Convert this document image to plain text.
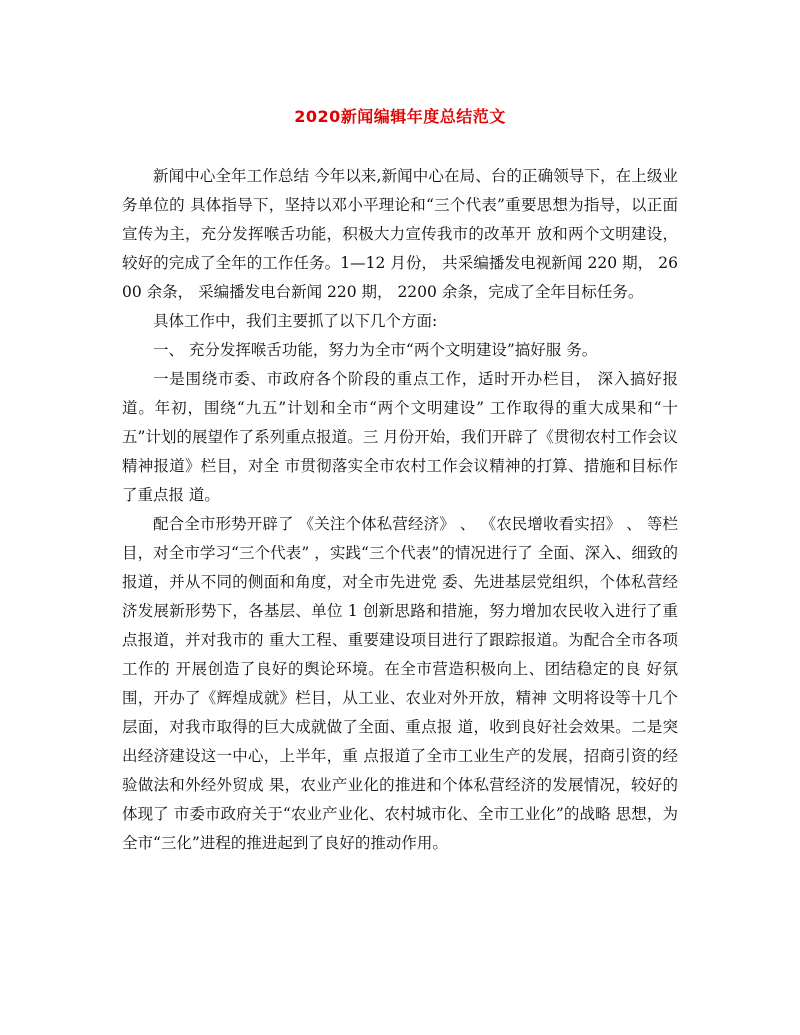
2020新闻编辑年度总结范文

新闻中心全年工作总结 今年以来,新闻中心在局、台的正确领导下，在上级业务单位的 具体指导下，坚持以邓小平理论和“三个代表”重要思想为指导，以正面宣传为主，充分发挥喉舌功能，积极大力宣传我市的改革开 放和两个文明建设，较好的完成了全年的工作任务。1—12 月份， 共采编播发电视新闻 220 期， 2600 余条， 采编播发电台新闻 220 期， 2200 余条，完成了全年目标任务。

具体工作中，我们主要抓了以下几个方面:

一、 充分发挥喉舌功能，努力为全市“两个文明建设”搞好服 务。

一是围绕市委、市政府各个阶段的重点工作，适时开办栏目， 深入搞好报道。年初，围绕“九五”计划和全市“两个文明建设” 工作取得的重大成果和“十五”计划的展望作了系列重点报道。三 月份开始，我们开辟了《贯彻农村工作会议精神报道》栏目，对全 市贯彻落实全市农村工作会议精神的打算、措施和目标作了重点报 道。

配合全市形势开辟了 《关注个体私营经济》 、 《农民增收看实招》 、 等栏目，对全市学习“三个代表” ，实践“三个代表”的情况进行了 全面、深入、细致的报道，并从不同的侧面和角度，对全市先进党 委、先进基层党组织，个体私营经济发展新形势下，各基层、单位 1 创新思路和措施，努力增加农民收入进行了重点报道，并对我市的 重大工程、重要建设项目进行了跟踪报道。为配合全市各项工作的 开展创造了良好的舆论环境。在全市营造积极向上、团结稳定的良 好氛围，开办了《辉煌成就》栏目，从工业、农业对外开放，精神 文明将设等十几个层面，对我市取得的巨大成就做了全面、重点报 道，收到良好社会效果。二是突出经济建设这一中心，上半年，重 点报道了全市工业生产的发展，招商引资的经验做法和外经外贸成 果，农业产业化的推进和个体私营经济的发展情况，较好的体现了 市委市政府关于“农业产业化、农村城市化、全市工业化”的战略 思想，为全市“三化”进程的推进起到了良好的推动作用。
